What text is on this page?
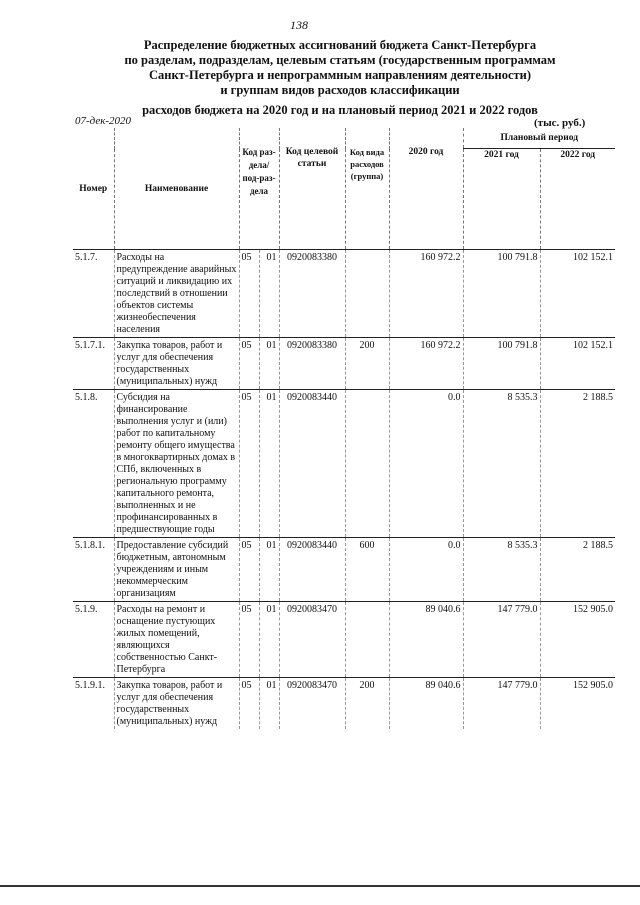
138
Распределение бюджетных ассигнований бюджета Санкт-Петербурга
по разделам, подразделам, целевым статьям (государственным программам
Санкт-Петербурга и непрограммным направлениям деятельности)
и группам видов расходов классификации
расходов бюджета на 2020 год и на плановый период 2021 и 2022 годов
07-дек-2020	(тыс. руб.)
Номер	Наименование	Код раз-дела/ под-раз-дела		Код целевой статьи	Код вида расходов (группа)	2020 год	Плановый период	
							2021 год	2022 год
5.1.7.	Расходы на предупреждение аварийных ситуаций и ликвидацию их последствий в отношении объектов системы жизнеобеспечения населения	05	01	0920083380		160 972.2	100 791.8	102 152.1
5.1.7.1.	Закупка товаров, работ и услуг для обеспечения государственных (муниципальных) нужд	05	01	0920083380	200	160 972.2	100 791.8	102 152.1
5.1.8.	Субсидия на финансирование выполнения услуг и (или) работ по капитальному ремонту общего имущества в многоквартирных домах в СПб, включенных в региональную программу капитального ремонта, выполненных и не профинансированных в предшествующие годы	05	01	0920083440		0.0	8 535.3	2 188.5
5.1.8.1.	Предоставление субсидий бюджетным, автономным учреждениям и иным некоммерческим организациям	05	01	0920083440	600	0.0	8 535.3	2 188.5
5.1.9.	Расходы на ремонт и оснащение пустующих жилых помещений, являющихся собственностью Санкт-Петербурга	05	01	0920083470		89 040.6	147 779.0	152 905.0
5.1.9.1.	Закупка товаров, работ и услуг для обеспечения государственных (муниципальных) нужд	05	01	0920083470	200	89 040.6	147 779.0	152 905.0
